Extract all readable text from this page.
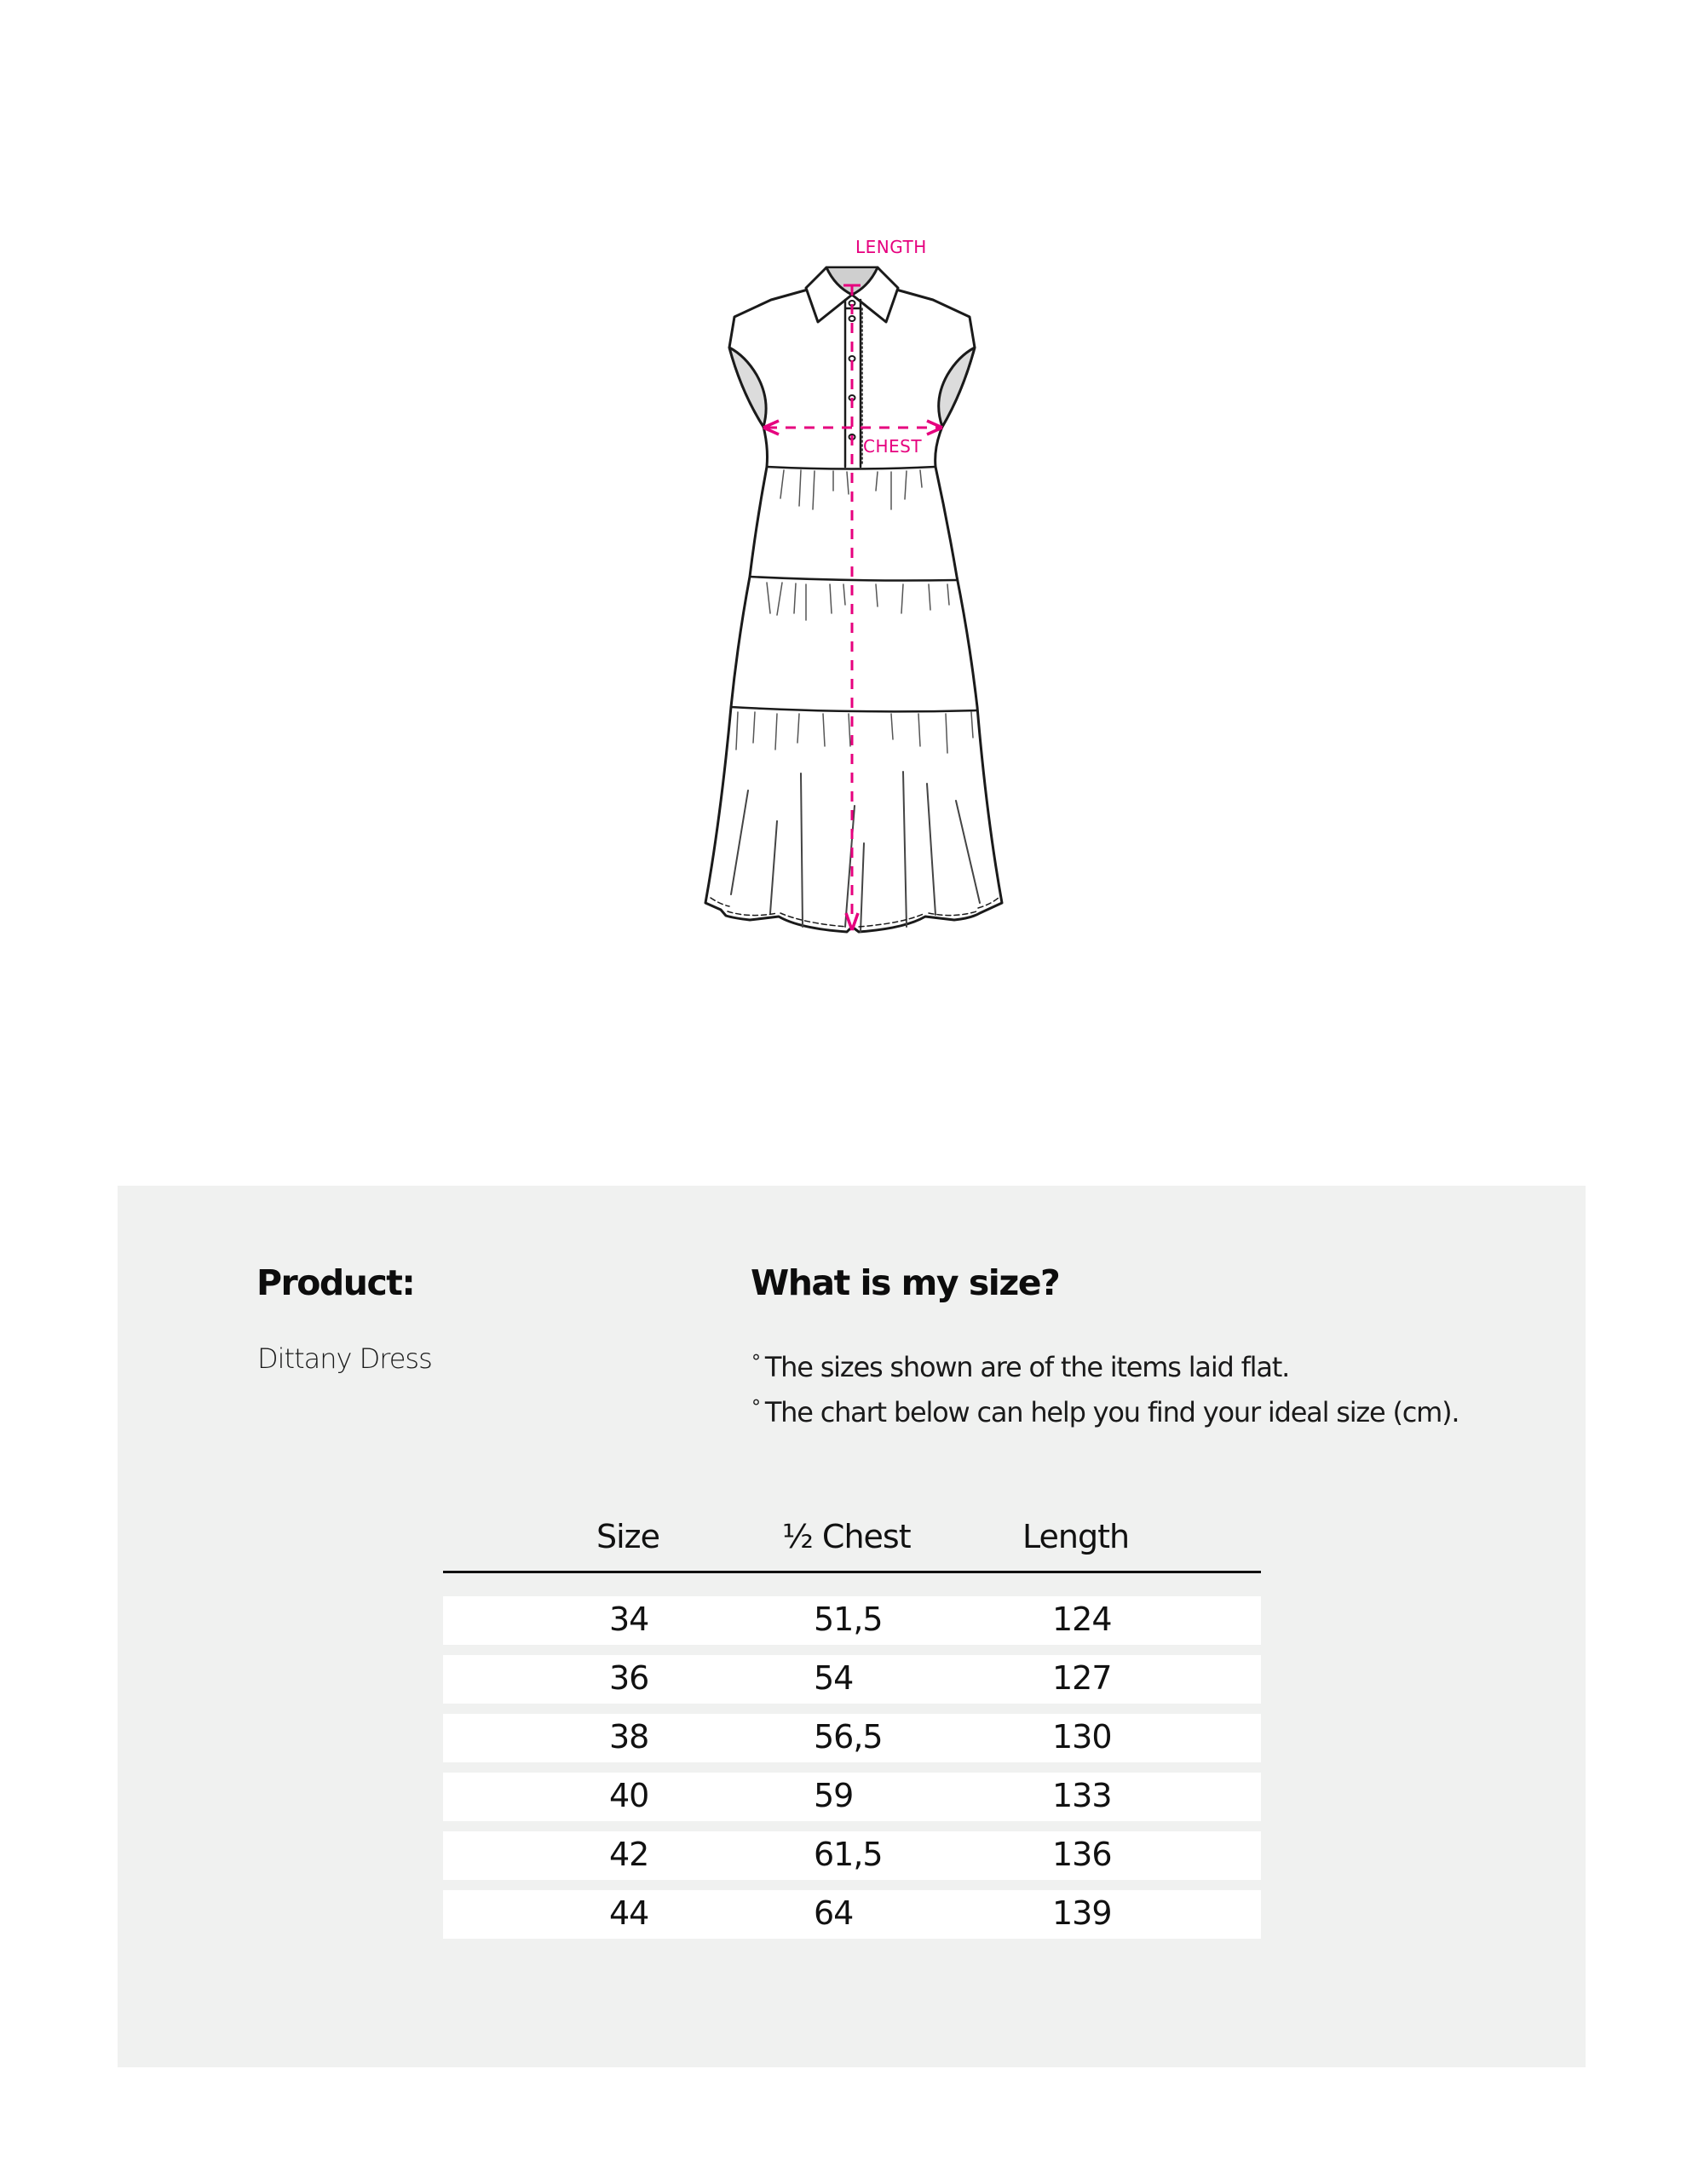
LENGTH
CHEST
Product:
Dittany Dress
What is my size?
° The sizes shown are of the items laid flat.
° The chart below can help you find your ideal size (cm).
Size	½ Chest	Length
34	51,5	124
36	54	127
38	56,5	130
40	59	133
42	61,5	136
44	64	139
